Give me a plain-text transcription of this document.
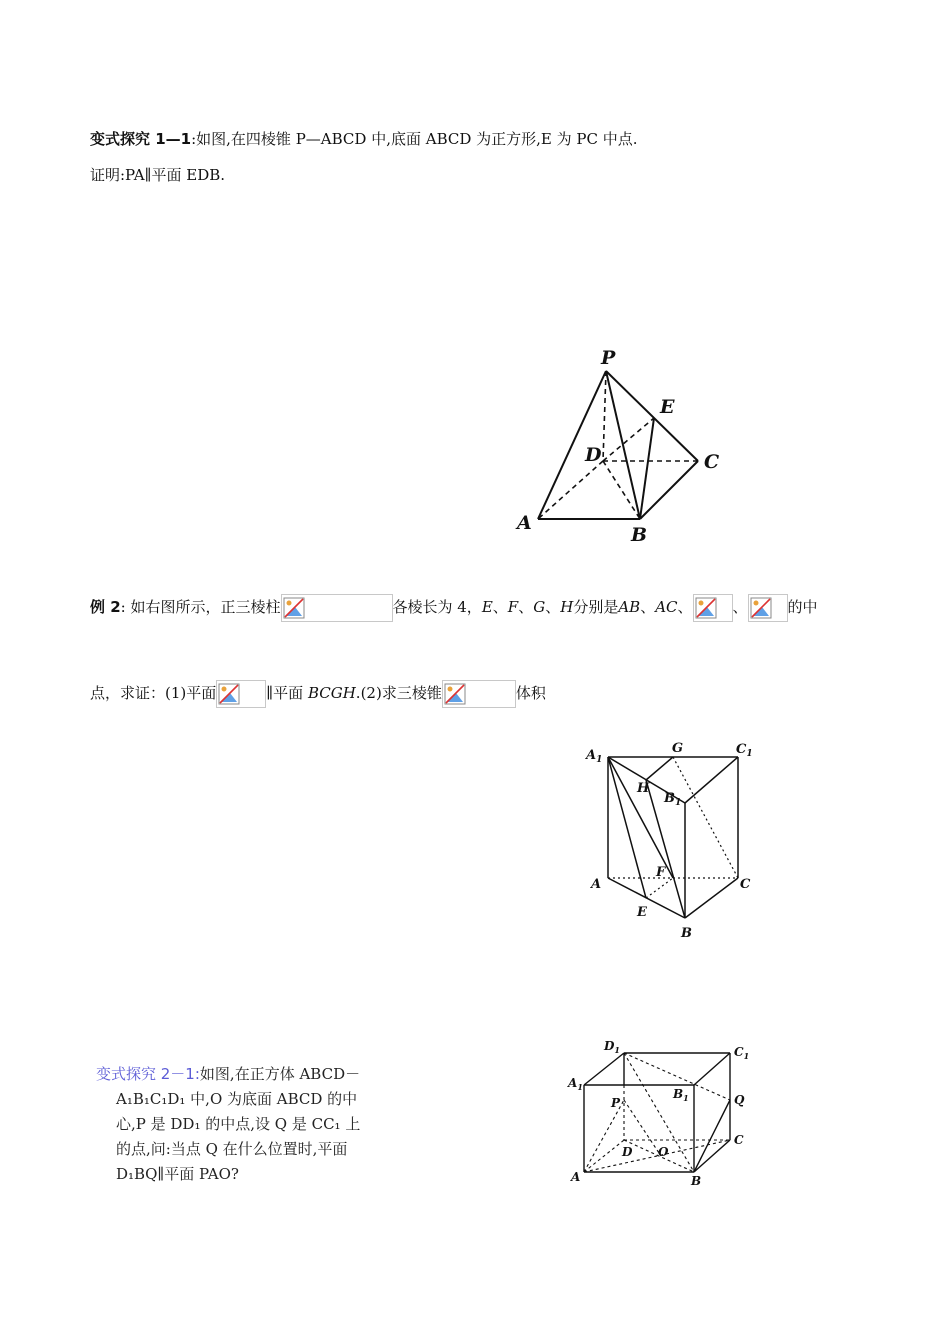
变式探究 1—1:如图,在四棱锥 P—ABCD 中,底面 ABCD 为正方形,E 为 PC 中点.
证明:PA∥平面 EDB.
P
E
D	C
A
B
例 2: 如右图所示，正三棱柱	各棱长为 4，E、F、G、H分别是AB、AC、	、	的中
点，求证：(1)平面	∥平面 BCGH.(2)求三棱锥	体积
$A_1$
G	$C_1$
H
$B_1$
F
A	C
E
B
变式探究 2－1:如图,在正方体 ABCD－
A₁B₁C₁D₁ 中,O 为底面 ABCD 的中
心,P 是 DD₁ 的中点,设 Q 是 CC₁ 上
的点,问:当点 Q 在什么位置时,平面
D₁BQ∥平面 PAO?
$D_1$	$C_1$
$A_1$	$B_1$	Q
P
C
D O
A	B
